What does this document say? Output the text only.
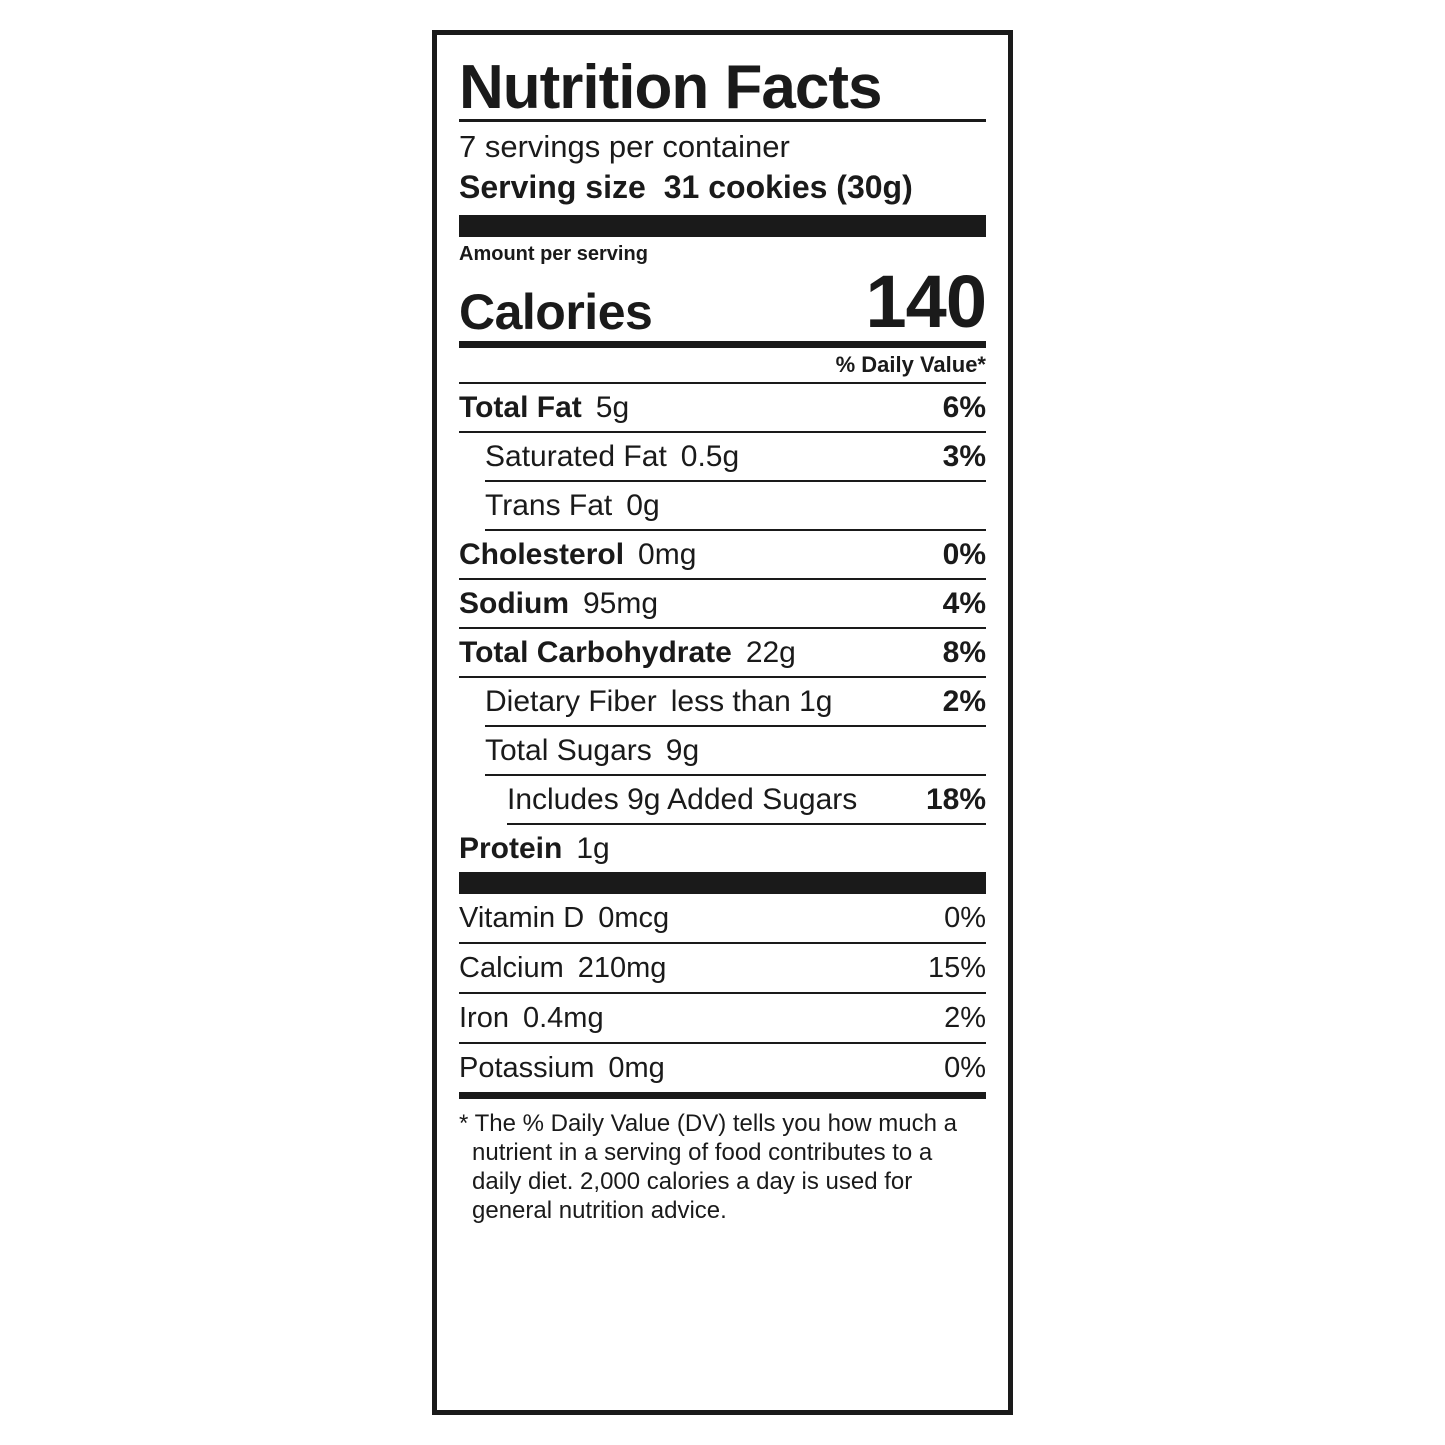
Nutrition Facts
7 servings per container
Serving size 31 cookies (30g)
Amount per serving
Calories	140
% Daily Value*
Total Fat 5g	6%
Saturated Fat 0.5g	3%
Trans Fat 0g
Cholesterol 0mg	0%
Sodium 95mg	4%
Total Carbohydrate 22g	8%
Dietary Fiber less than 1g	2%
Total Sugars 9g
Includes 9g Added Sugars 18%
Protein 1g
Vitamin D 0mcg	0%
Calcium 210mg	15%
Iron 0.4mg	2%
Potassium 0mg	0%
* The % Daily Value (DV) tells you how much a nutrient in a serving of food contributes to a daily diet. 2,000 calories a day is used for general nutrition advice.
